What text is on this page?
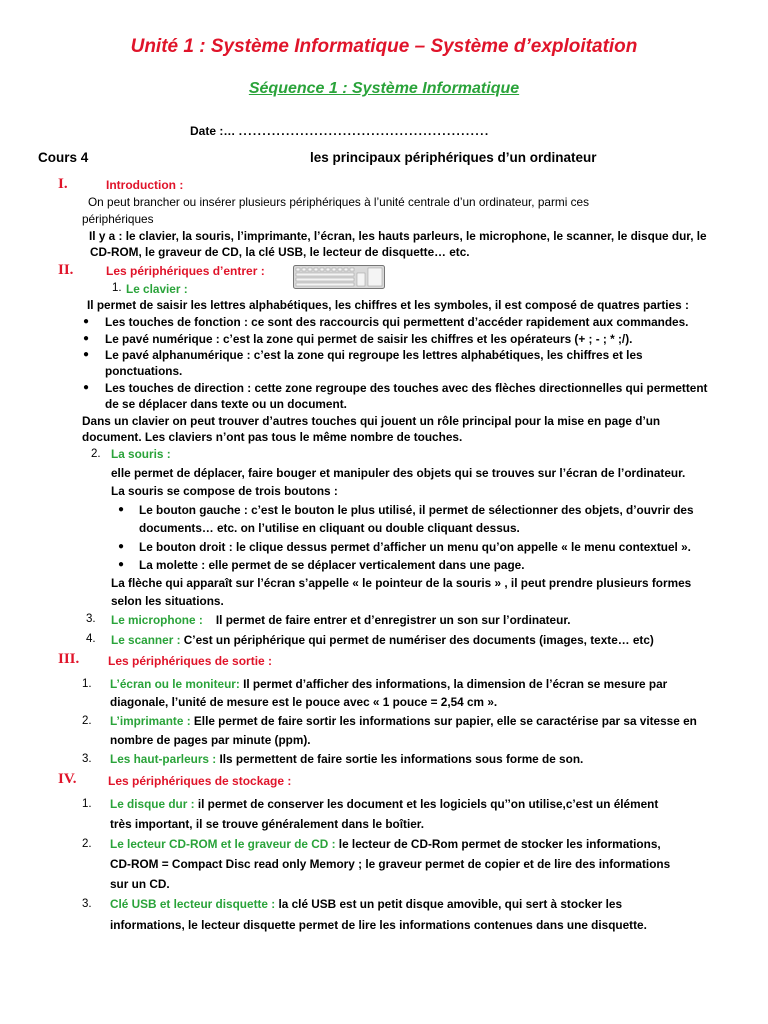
Unité 1 : Système Informatique – Système d’exploitation
Séquence 1 : Système Informatique
Date :… .....................................................
Cours 4	les principaux périphériques d’un ordinateur
I.	Introduction :
On peut brancher ou insérer plusieurs périphériques à l’unité centrale d’un ordinateur, parmi ces
périphériques
Il y a : le clavier, la souris, l’imprimante, l’écran, les hauts parleurs, le microphone, le scanner, le disque dur, le
CD-ROM, le graveur de CD, la clé USB, le lecteur de disquette… etc.
II.	Les périphériques d’entrer :
1. Le clavier :
Il permet de saisir les lettres alphabétiques, les chiffres et les symboles, il est composé de quatres parties :
● Les touches de fonction : ce sont des raccourcis qui permettent d’accéder rapidement aux commandes.
● Le pavé numérique : c’est la zone qui permet de saisir les chiffres et les opérateurs (+ ; - ; * ;/).
● Le pavé alphanumérique : c’est la zone qui regroupe les lettres alphabétiques, les chiffres et les
ponctuations.
● Les touches de direction : cette zone regroupe des touches avec des flèches directionnelles qui permettent
de se déplacer dans texte ou un document.
Dans un clavier on peut trouver d’autres touches qui jouent un rôle principal pour la mise en page d’un
document. Les claviers n’ont pas tous le même nombre de touches.
2. La souris :
elle permet de déplacer, faire bouger et manipuler des objets qui se trouves sur l’écran de l’ordinateur.
La souris se compose de trois boutons :
● Le bouton gauche : c’est le bouton le plus utilisé, il permet de sélectionner des objets, d’ouvrir des
documents… etc. on l’utilise en cliquant ou double cliquant dessus.
● Le bouton droit : le clique dessus permet d’afficher un menu qu’on appelle « le menu contextuel ».
● La molette : elle permet de se déplacer verticalement dans une page.
La flèche qui apparaît sur l’écran s’appelle « le pointeur de la souris » , il peut prendre plusieurs formes
selon les situations.
3. Le microphone : Il permet de faire entrer et d’enregistrer un son sur l’ordinateur.
4. Le scanner : C’est un périphérique qui permet de numériser des documents (images, texte… etc)
III. Les périphériques de sortie :
1. L’écran ou le moniteur: Il permet d’afficher des informations, la dimension de l’écran se mesure par
diagonale, l’unité de mesure est le pouce avec « 1 pouce = 2,54 cm ».
2. L’imprimante : Elle permet de faire sortir les informations sur papier, elle se caractérise par sa vitesse en
nombre de pages par minute (ppm).
3. Les haut-parleurs : Ils permettent de faire sortie les informations sous forme de son.
IV.	Les périphériques de stockage :
1. Le disque dur : il permet de conserver les document et les logiciels qu’’on utilise,c’est un élément
très important, il se trouve généralement dans le boîtier.
2. Le lecteur CD-ROM et le graveur de CD : le lecteur de CD-Rom permet de stocker les informations,
CD-ROM = Compact Disc read only Memory ; le graveur permet de copier et de lire des informations
sur un CD.
3. Clé USB et lecteur disquette : la clé USB est un petit disque amovible, qui sert à stocker les
informations, le lecteur disquette permet de lire les informations contenues dans une disquette.
